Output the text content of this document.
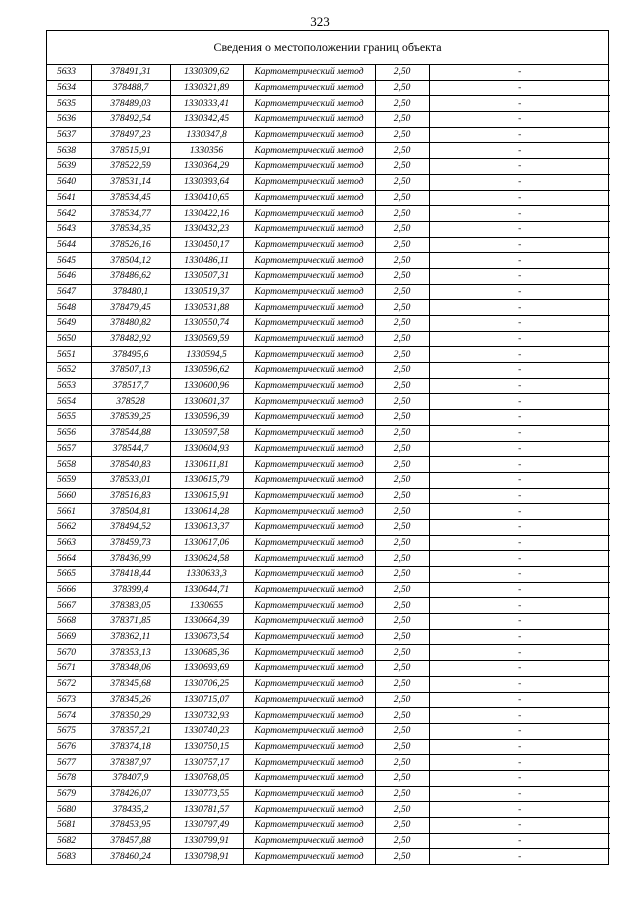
323
Сведения о местоположении границ объекта
5633	378491,31	1330309,62	Картометрический метод	2,50	-
5634	378488,7	1330321,89	Картометрический метод	2,50	-
5635	378489,03	1330333,41	Картометрический метод	2,50	-
5636	378492,54	1330342,45	Картометрический метод	2,50	-
5637	378497,23	1330347,8	Картометрический метод	2,50	-
5638	378515,91	1330356	Картометрический метод	2,50	-
5639	378522,59	1330364,29	Картометрический метод	2,50	-
5640	378531,14	1330393,64	Картометрический метод	2,50	-
5641	378534,45	1330410,65	Картометрический метод	2,50	-
5642	378534,77	1330422,16	Картометрический метод	2,50	-
5643	378534,35	1330432,23	Картометрический метод	2,50	-
5644	378526,16	1330450,17	Картометрический метод	2,50	-
5645	378504,12	1330486,11	Картометрический метод	2,50	-
5646	378486,62	1330507,31	Картометрический метод	2,50	-
5647	378480,1	1330519,37	Картометрический метод	2,50	-
5648	378479,45	1330531,88	Картометрический метод	2,50	-
5649	378480,82	1330550,74	Картометрический метод	2,50	-
5650	378482,92	1330569,59	Картометрический метод	2,50	-
5651	378495,6	1330594,5	Картометрический метод	2,50	-
5652	378507,13	1330596,62	Картометрический метод	2,50	-
5653	378517,7	1330600,96	Картометрический метод	2,50	-
5654	378528	1330601,37	Картометрический метод	2,50	-
5655	378539,25	1330596,39	Картометрический метод	2,50	-
5656	378544,88	1330597,58	Картометрический метод	2,50	-
5657	378544,7	1330604,93	Картометрический метод	2,50	-
5658	378540,83	1330611,81	Картометрический метод	2,50	-
5659	378533,01	1330615,79	Картометрический метод	2,50	-
5660	378516,83	1330615,91	Картометрический метод	2,50	-
5661	378504,81	1330614,28	Картометрический метод	2,50	-
5662	378494,52	1330613,37	Картометрический метод	2,50	-
5663	378459,73	1330617,06	Картометрический метод	2,50	-
5664	378436,99	1330624,58	Картометрический метод	2,50	-
5665	378418,44	1330633,3	Картометрический метод	2,50	-
5666	378399,4	1330644,71	Картометрический метод	2,50	-
5667	378383,05	1330655	Картометрический метод	2,50	-
5668	378371,85	1330664,39	Картометрический метод	2,50	-
5669	378362,11	1330673,54	Картометрический метод	2,50	-
5670	378353,13	1330685,36	Картометрический метод	2,50	-
5671	378348,06	1330693,69	Картометрический метод	2,50	-
5672	378345,68	1330706,25	Картометрический метод	2,50	-
5673	378345,26	1330715,07	Картометрический метод	2,50	-
5674	378350,29	1330732,93	Картометрический метод	2,50	-
5675	378357,21	1330740,23	Картометрический метод	2,50	-
5676	378374,18	1330750,15	Картометрический метод	2,50	-
5677	378387,97	1330757,17	Картометрический метод	2,50	-
5678	378407,9	1330768,05	Картометрический метод	2,50	-
5679	378426,07	1330773,55	Картометрический метод	2,50	-
5680	378435,2	1330781,57	Картометрический метод	2,50	-
5681	378453,95	1330797,49	Картометрический метод	2,50	-
5682	378457,88	1330799,91	Картометрический метод	2,50	-
5683	378460,24	1330798,91	Картометрический метод	2,50	-
